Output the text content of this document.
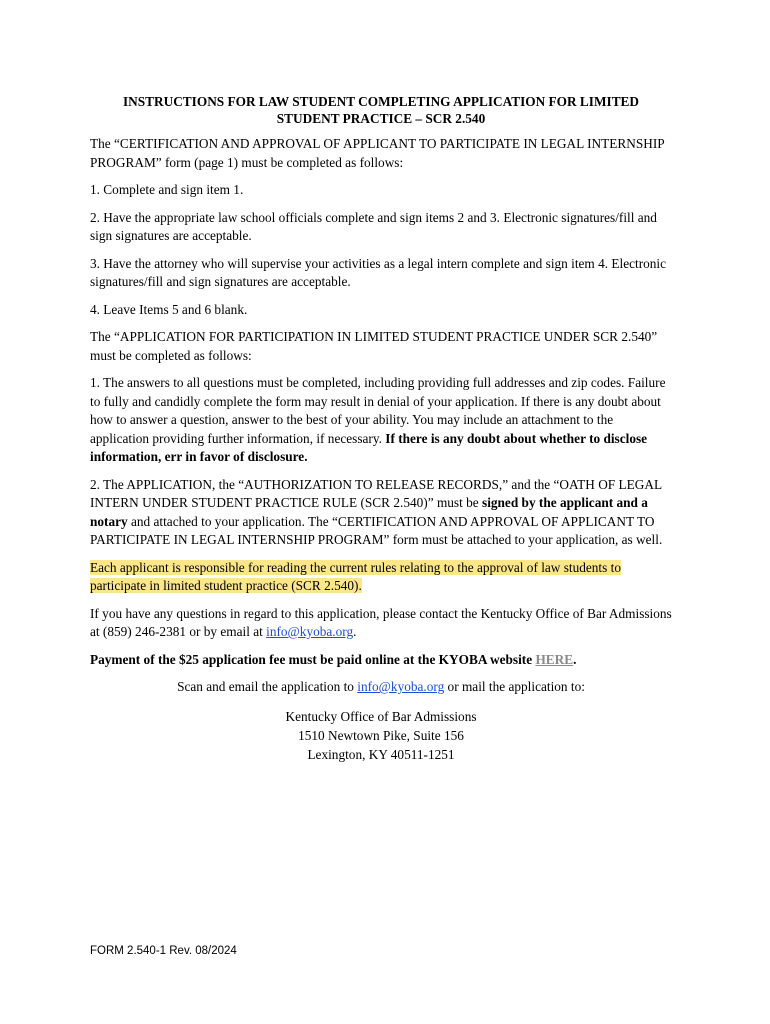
INSTRUCTIONS FOR LAW STUDENT COMPLETING APPLICATION FOR LIMITED
STUDENT PRACTICE – SCR 2.540

The “CERTIFICATION AND APPROVAL OF APPLICANT TO PARTICIPATE IN LEGAL INTERNSHIP PROGRAM” form (page 1) must be completed as follows:

1. Complete and sign item 1.

2. Have the appropriate law school officials complete and sign items 2 and 3. Electronic signatures/fill and sign signatures are acceptable.

3. Have the attorney who will supervise your activities as a legal intern complete and sign item 4. Electronic signatures/fill and sign signatures are acceptable.

4. Leave Items 5 and 6 blank.

The “APPLICATION FOR PARTICIPATION IN LIMITED STUDENT PRACTICE UNDER SCR 2.540” must be completed as follows:

1. The answers to all questions must be completed, including providing full addresses and zip codes. Failure to fully and candidly complete the form may result in denial of your application. If there is any doubt about how to answer a question, answer to the best of your ability. You may include an attachment to the application providing further information, if necessary. If there is any doubt about whether to disclose information, err in favor of disclosure.

2. The APPLICATION, the “AUTHORIZATION TO RELEASE RECORDS,” and the “OATH OF LEGAL INTERN UNDER STUDENT PRACTICE RULE (SCR 2.540)” must be signed by the applicant and a notary and attached to your application. The “CERTIFICATION AND APPROVAL OF APPLICANT TO PARTICIPATE IN LEGAL INTERNSHIP PROGRAM” form must be attached to your application, as well.

Each applicant is responsible for reading the current rules relating to the approval of law students to participate in limited student practice (SCR 2.540).

If you have any questions in regard to this application, please contact the Kentucky Office of Bar Admissions at (859) 246-2381 or by email at info@kyoba.org.

Payment of the $25 application fee must be paid online at the KYOBA website HERE.

Scan and email the application to info@kyoba.org or mail the application to:

Kentucky Office of Bar Admissions
1510 Newtown Pike, Suite 156
Lexington, KY 40511-1251
FORM 2.540-1 Rev. 08/2024
